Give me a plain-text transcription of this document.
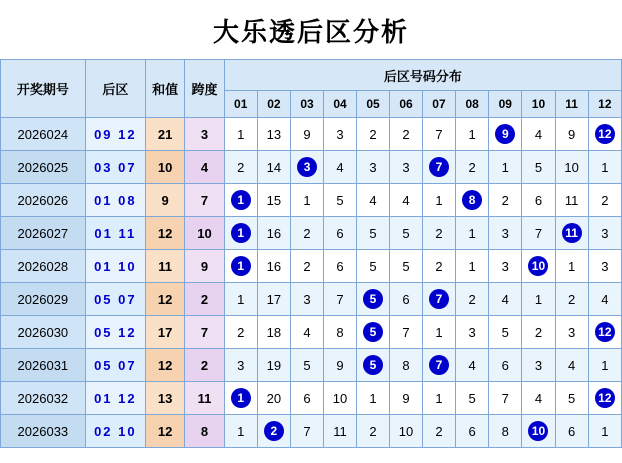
大乐透后区分析
开奖期号	后区	和值	跨度	后区号码分布											
				01	02	03	04	05	06	07	08	09	10	11	12
2026024	09 12	21	3	1	13	9	3	2	2	7	1	9	4	9	12
2026025	03 07	10	4	2	14	3	4	3	3	7	2	1	5	10	1
2026026	01 08	9	7	1	15	1	5	4	4	1	8	2	6	11	2
2026027	01 11	12	10	1	16	2	6	5	5	2	1	3	7	11	3
2026028	01 10	11	9	1	16	2	6	5	5	2	1	3	10	1	3
2026029	05 07	12	2	1	17	3	7	5	6	7	2	4	1	2	4
2026030	05 12	17	7	2	18	4	8	5	7	1	3	5	2	3	12
2026031	05 07	12	2	3	19	5	9	5	8	7	4	6	3	4	1
2026032	01 12	13	11	1	20	6	10	1	9	1	5	7	4	5	12
2026033	02 10	12	8	1	2	7	11	2	10	2	6	8	10	6	1
